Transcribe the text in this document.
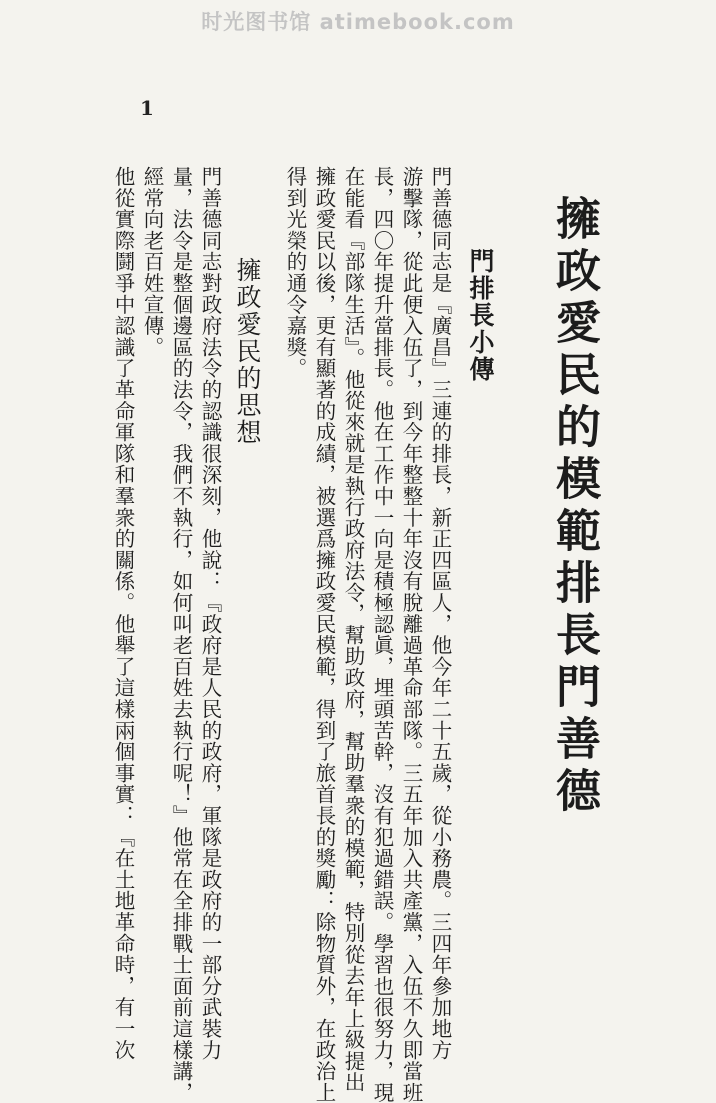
时光图书馆 atimebook.com
1
擁政愛民的模範排長門善德
門排長小傳
門善德同志是『廣昌』三連的排長，新正四區人，他今年二十五歲，從小務農。三四年參加地方
游擊隊，從此便入伍了，到今年整整十年沒有脫離過革命部隊。三五年加入共產黨，入伍不久即當班
長，四〇年提升當排長。他在工作中一向是積極認眞，埋頭苦幹，沒有犯過錯誤。學習也很努力，現
在能看『部隊生活』。他從來就是執行政府法令，幫助政府，幫助羣衆的模範，特別從去年上級提出
擁政愛民以後，更有顯著的成績，被選爲擁政愛民模範，得到了旅首長的獎勵：除物質外，在政治上
得到光榮的通令嘉獎。
擁政愛民的思想
門善德同志對政府法令的認識很深刻，他說：『政府是人民的政府，軍隊是政府的一部分武裝力
量，法令是整個邊區的法令，我們不執行，如何叫老百姓去執行呢！』他常在全排戰士面前這樣講，
經常向老百姓宣傳。
他從實際鬪爭中認識了革命軍隊和羣衆的關係。他舉了這樣兩個事實：『在土地革命時，有一次
